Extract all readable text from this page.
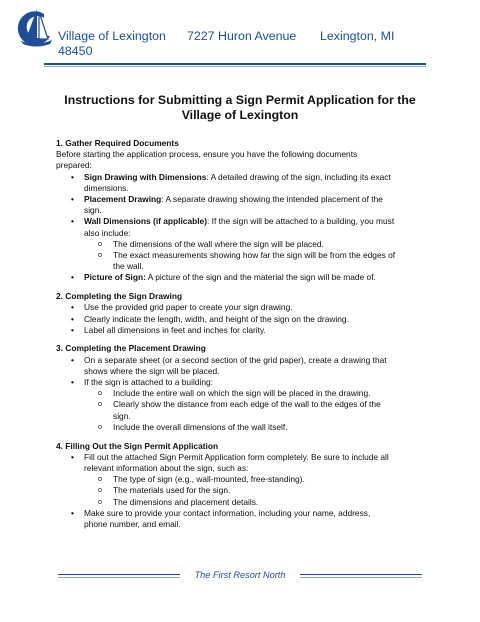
Village of Lexington 7227 Huron Avenue Lexington, MI
48450
Instructions for Submitting a Sign Permit Application for the
Village of Lexington
1. Gather Required Documents
Before starting the application process, ensure you have the following documents
prepared:
• Sign Drawing with Dimensions: A detailed drawing of the sign, including its exact
dimensions.
• Placement Drawing: A separate drawing showing the intended placement of the
sign.
• Wall Dimensions (if applicable): If the sign will be attached to a building, you must
also include:
o The dimensions of the wall where the sign will be placed.
o The exact measurements showing how far the sign will be from the edges of
the wall.
• Picture of Sign: A picture of the sign and the material the sign will be made of.
2. Completing the Sign Drawing
• Use the provided grid paper to create your sign drawing.
• Clearly indicate the length, width, and height of the sign on the drawing.
• Label all dimensions in feet and inches for clarity.
3. Completing the Placement Drawing
• On a separate sheet (or a second section of the grid paper), create a drawing that
shows where the sign will be placed.
• If the sign is attached to a building:
o Include the entire wall on which the sign will be placed in the drawing.
o Clearly show the distance from each edge of the wall to the edges of the
sign.
o Include the overall dimensions of the wall itself.
4. Filling Out the Sign Permit Application
• Fill out the attached Sign Permit Application form completely. Be sure to include all
relevant information about the sign, such as:
o The type of sign (e.g., wall-mounted, free-standing).
o The materials used for the sign.
o The dimensions and placement details.
• Make sure to provide your contact information, including your name, address,
phone number, and email.
The First Resort North
